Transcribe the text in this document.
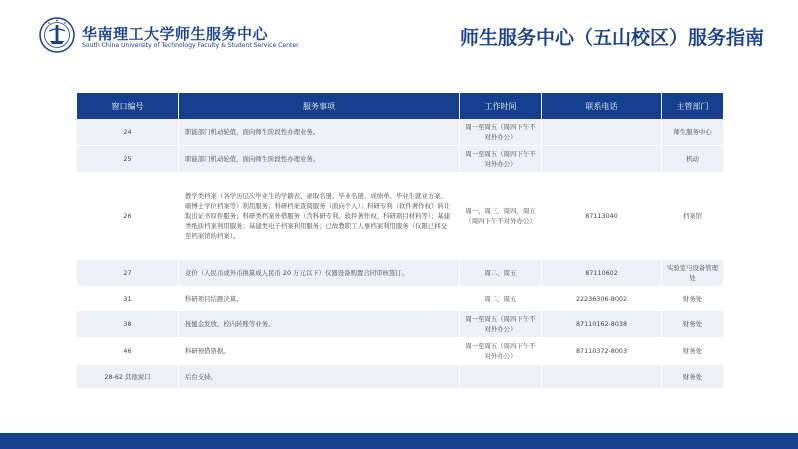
华南理工大学师生服务中心
South China University of Technology Faculty & Student Service Center	师生服务中心（五山校区）服务指南
窗口编号	服务事项	工作时间	联系电话	主管部门
24	职能部门机动轮值，面向师生阶段性办理业务。	周一至周五（周四下午不对外办公）		师生服务中心
25	职能部门机动轮值，面向师生阶段性办理业务。	周一至周五（周四下午不对外办公）		机动
26	教学类档案（各学历层次毕业生的学籍表、录取名册、毕业名册、成绩单、毕业生就业方案、硕博士学位档案等）利用服务；科研档案查阅服务（面向个人）；科研专利（软件著作权）转让取出证书原件服务；科研类档案外借服务（含科研专利、软件著作权、科研项目材料等）；基建类纸质档案利用服务；基建类电子档案利用服务；已故教职工人事档案利用服务（仅限已移交至档案馆的档案）。	周一、周三、周四、周五（周四下午不对外办公）	87113040	档案馆
27	竞价（人民币或外币换算成人民币 20 万元以下）仪器设备购置合同审核签订。	周二、周五	87110602	实验室与设备管理处
31	科研项目结题决算。	周二、周五	22236306-8002	财务处
38	抚恤金发放、校内转账等业务。	周一至周五（周四下午不对外办公）	87110162-8038	财务处
46	科研预借票据。	周一至周五（周四下午不对外办公）	87110372-8003	财务处
28-62 其他窗口	后台支持。			财务处
